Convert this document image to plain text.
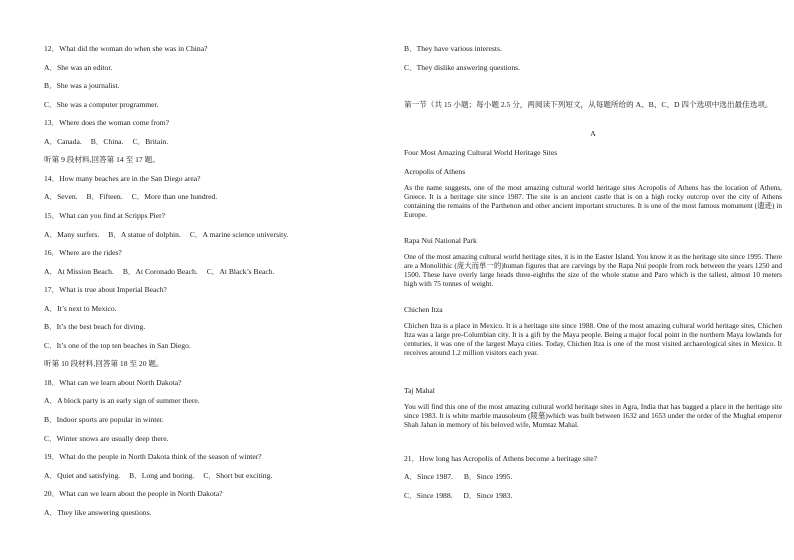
12．What did the woman do when she was in China?
A．She was an editor.
B．She was a journalist.
C．She was a computer programmer.
13．Where does the woman come from?
A．Canada. B．China. C．Britain.
听第 9 段材料,回答第 14 至 17 题。
14．How many beaches are in the San Diego area?
A．Seven. B．Fifteen. C．More than one hundred.
15．What can you find at Scripps Pier?
A．Many surfers. B．A statue of dolphin. C．A marine science university.
16．Where are the rides?
A．At Mission Beach. B．At Coronado Beach. C．At Black’s Beach.
17．What is true about Imperial Beach?
A．It’s next to Mexico.
B．It’s the best beach for diving.
C．It’s one of the top ten beaches in San Diego.
听第 10 段材料,回答第 18 至 20 题。
18．What can we learn about North Dakota?
A．A block party is an early sign of summer there.
B．Indoor sports are popular in winter.
C．Winter snows are usually deep there.
19．What do the people in North Dakota think of the season of winter?
A．Quiet and satisfying. B．Long and boring. C．Short but exciting.
20．What can we learn about the people in North Dakota?
A．They like answering questions.
B．They have various interests.
C．They dislike answering questions.
第一节（共 15 小题；每小题 2.5 分，两阅读下列短文，从每题所给的 A、B、C、D 四个选项中选出最佳选项。
A
Four Most Amazing Cultural World Heritage Sites
Acropolis of Athens
As the name suggests, one of the most amazing cultural world heritage sites Acropolis of Athens has the location of Athens, Greece. It is a heritage site since 1987. The site is an ancient castle that is on a high rocky outcrop over the city of Athens containing the remains of the Parthenon and other ancient important structures. It is one of the most famous monument (遗迹) in Europe.
Rapa Nui National Park
One of the most amazing cultural world heritage sites, it is in the Easter Island. You know it as the heritage site since 1995. There are a Monolithic (庞大而单一的)human figures that are carvings by the Rapa Nui people from rock between the years 1250 and 1500. These have overly large heads three-eighths the size of the whole statue and Paro which is the tallest, almost 10 meters high with 75 tonnes of weight.
Chichen Itza
Chichen Itza is a place in Mexico. It is a heritage site since 1988. One of the most amazing cultural world heritage sites, Chichen Itza was a large pre-Columbian city. It is a gift by the Maya people. Being a major focal point in the northern Maya lowlands for centuries, it was one of the largest Maya cities. Today, Chichen Itza is one of the most visited archaeological sites in Mexico. It receives around 1.2 million visitors each year.
Taj Mahal
You will find this one of the most amazing cultural world heritage sites in Agra, India that has bagged a place in the heritage site since 1983. It is white marble mausoleum (陵墓)which was built between 1632 and 1653 under the order of the Mughal emperor Shah Jahan in memory of his beloved wife, Mumtaz Mahal.
21．How long has Acropolis of Athens become a heritage site?
A．Since 1987. B．Since 1995.
C．Since 1988. D．Since 1983.
